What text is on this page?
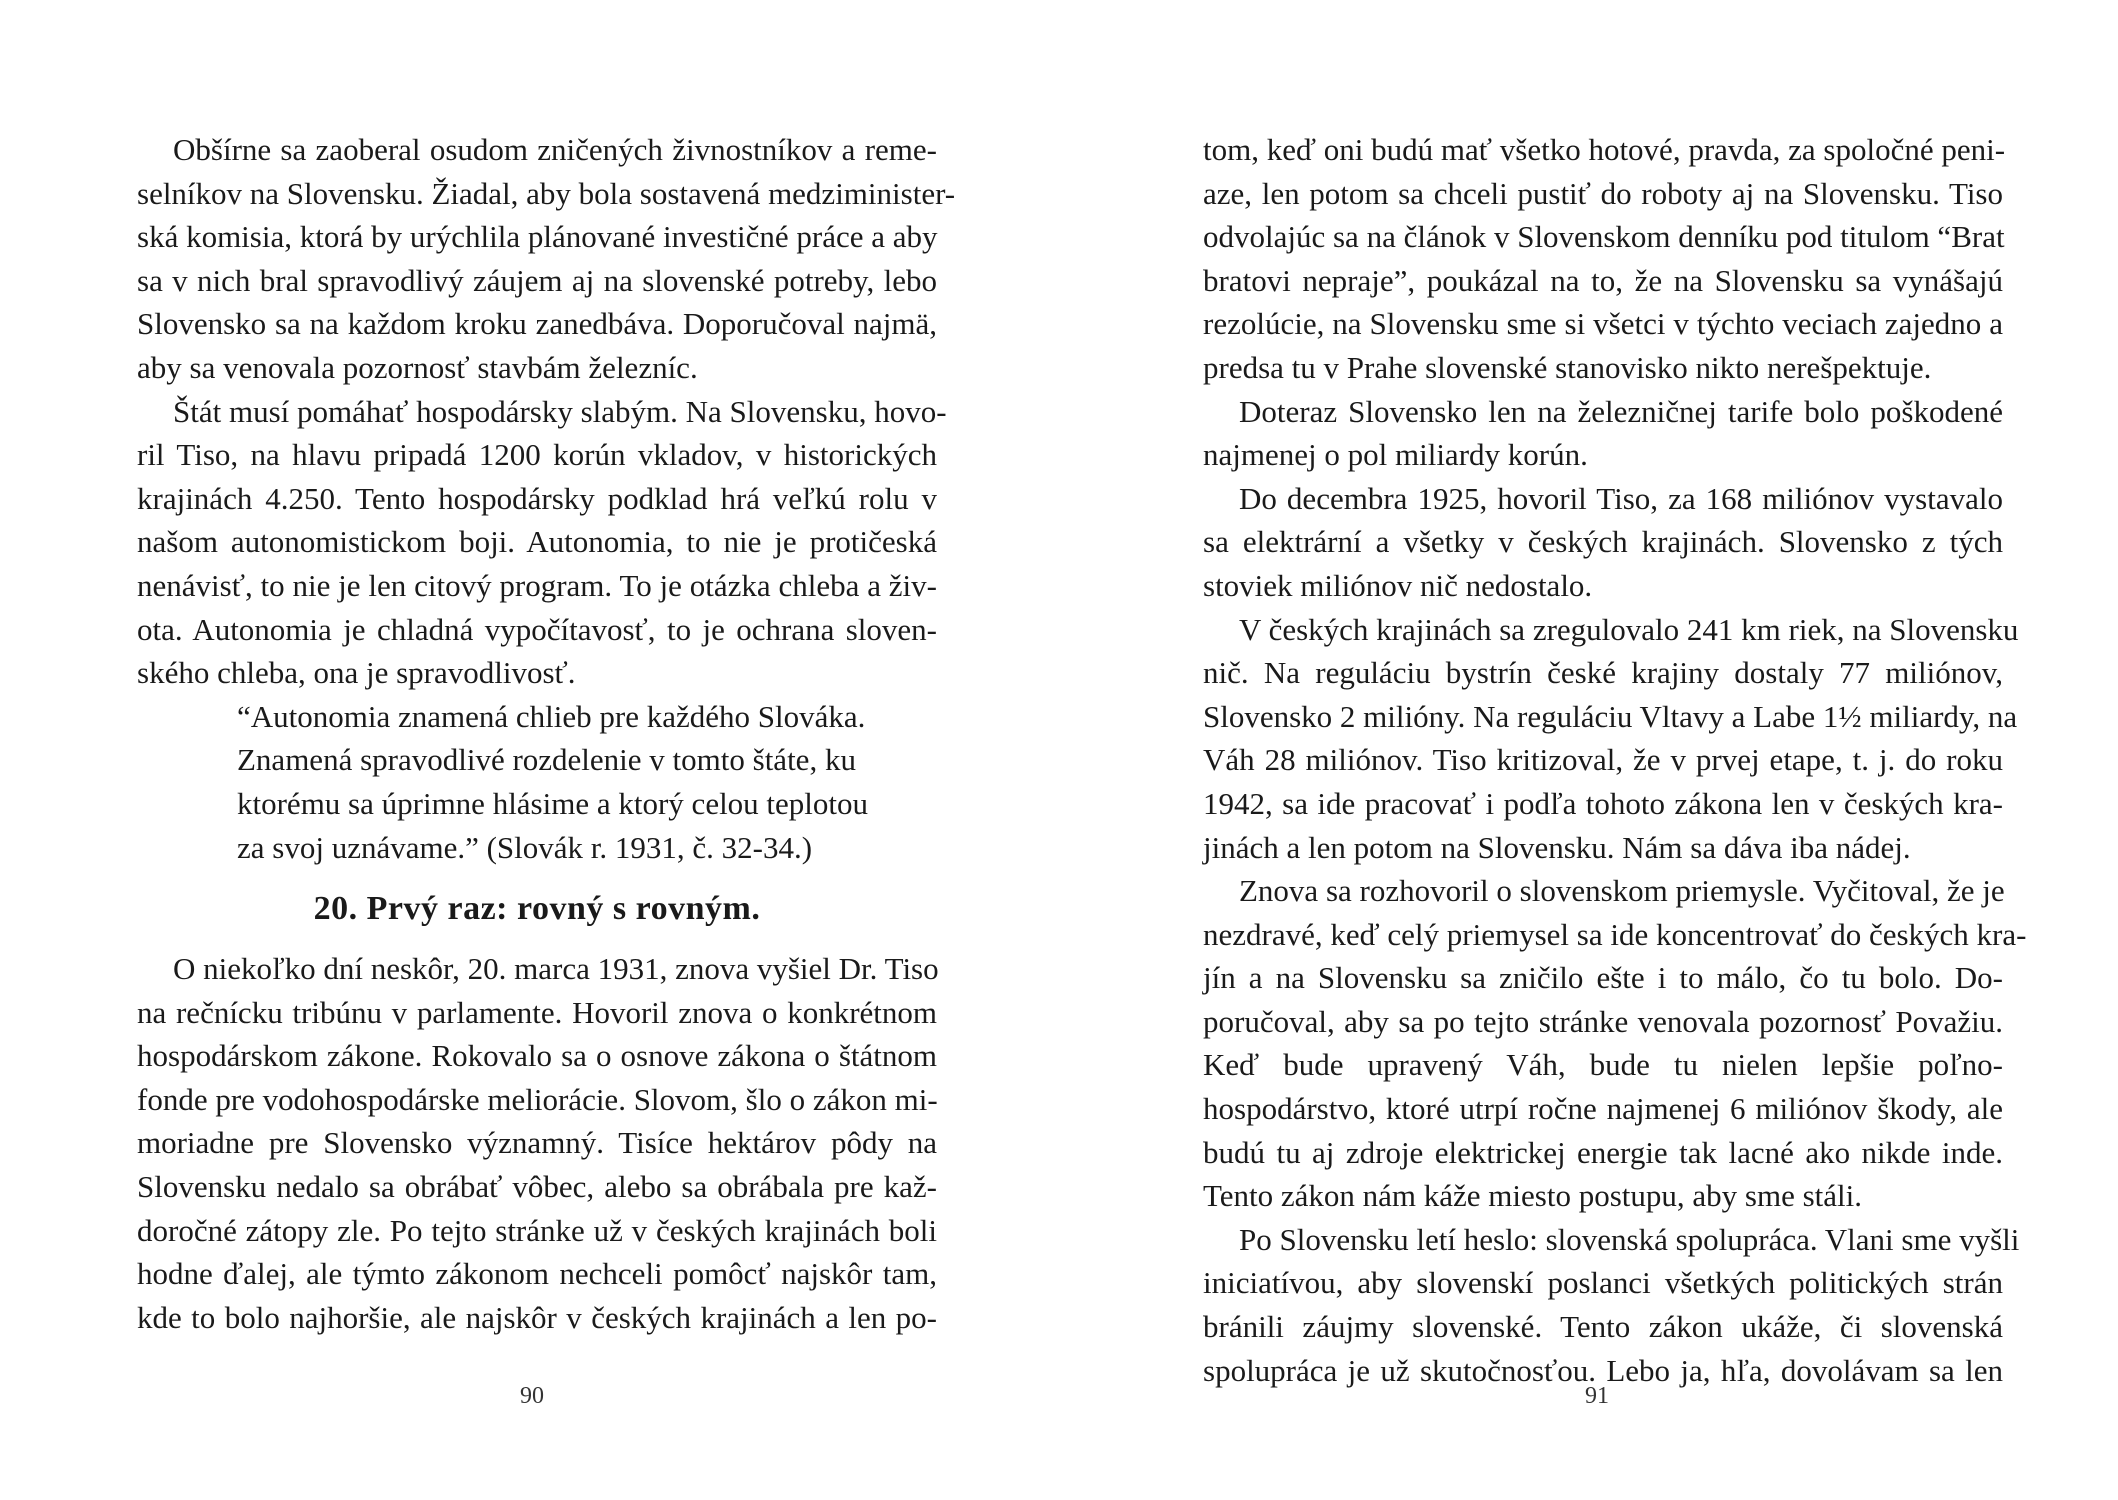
Obšírne sa zaoberal osudom zničených živnostníkov a reme-
selníkov na Slovensku. Žiadal, aby bola sostavená medziminister-
ská komisia, ktorá by urýchlila plánované investičné práce a aby
sa v nich bral spravodlivý záujem aj na slovenské potreby, lebo
Slovensko sa na každom kroku zanedbáva. Doporučoval najmä,
aby sa venovala pozornosť stavbám železníc.
Štát musí pomáhať hospodársky slabým. Na Slovensku, hovo-
ril Tiso, na hlavu pripadá 1200 korún vkladov, v historických
krajinách 4.250. Tento hospodársky podklad hrá veľkú rolu v
našom autonomistickom boji. Autonomia, to nie je protičeská
nenávisť, to nie je len citový program. To je otázka chleba a živ-
ota. Autonomia je chladná vypočítavosť, to je ochrana sloven-
ského chleba, ona je spravodlivosť.
“Autonomia znamená chlieb pre každého Slováka.
Znamená spravodlivé rozdelenie v tomto štáte, ku
ktorému sa úprimne hlásime a ktorý celou teplotou
za svoj uznávame.” (Slovák r. 1931, č. 32-34.)
20. Prvý raz: rovný s rovným.
O niekoľko dní neskôr, 20. marca 1931, znova vyšiel Dr. Tiso
na rečnícku tribúnu v parlamente. Hovoril znova o konkrétnom
hospodárskom zákone. Rokovalo sa o osnove zákona o štátnom
fonde pre vodohospodárske meliorácie. Slovom, šlo o zákon mi-
moriadne pre Slovensko významný. Tisíce hektárov pôdy na
Slovensku nedalo sa obrábať vôbec, alebo sa obrábala pre kaž-
doročné zátopy zle. Po tejto stránke už v českých krajinách boli
hodne ďalej, ale týmto zákonom nechceli pomôcť najskôr tam,
kde to bolo najhoršie, ale najskôr v českých krajinách a len po-
tom, keď oni budú mať všetko hotové, pravda, za spoločné peni-
aze, len potom sa chceli pustiť do roboty aj na Slovensku. Tiso
odvolajúc sa na článok v Slovenskom denníku pod titulom “Brat
bratovi nepraje”, poukázal na to, že na Slovensku sa vynášajú
rezolúcie, na Slovensku sme si všetci v týchto veciach zajedno a
predsa tu v Prahe slovenské stanovisko nikto nerešpektuje.
Doteraz Slovensko len na železničnej tarife bolo poškodené
najmenej o pol miliardy korún.
Do decembra 1925, hovoril Tiso, za 168 miliónov vystavalo
sa elektrární a všetky v českých krajinách. Slovensko z tých
stoviek miliónov nič nedostalo.
V českých krajinách sa zregulovalo 241 km riek, na Slovensku
nič. Na reguláciu bystrín české krajiny dostaly 77 miliónov,
Slovensko 2 milióny. Na reguláciu Vltavy a Labe 1½ miliardy, na
Váh 28 miliónov. Tiso kritizoval, že v prvej etape, t. j. do roku
1942, sa ide pracovať i podľa tohoto zákona len v českých kra-
jinách a len potom na Slovensku. Nám sa dáva iba nádej.
Znova sa rozhovoril o slovenskom priemysle. Vyčitoval, že je
nezdravé, keď celý priemysel sa ide koncentrovať do českých kra-
jín a na Slovensku sa zničilo ešte i to málo, čo tu bolo. Do-
poručoval, aby sa po tejto stránke venovala pozornosť Považiu.
Keď bude upravený Váh, bude tu nielen lepšie poľno-
hospodárstvo, ktoré utrpí ročne najmenej 6 miliónov škody, ale
budú tu aj zdroje elektrickej energie tak lacné ako nikde inde.
Tento zákon nám káže miesto postupu, aby sme stáli.
Po Slovensku letí heslo: slovenská spolupráca. Vlani sme vyšli
iniciatívou, aby slovenskí poslanci všetkých politických strán
bránili záujmy slovenské. Tento zákon ukáže, či slovenská
spolupráca je už skutočnosťou. Lebo ja, hľa, dovolávam sa len
90	91
